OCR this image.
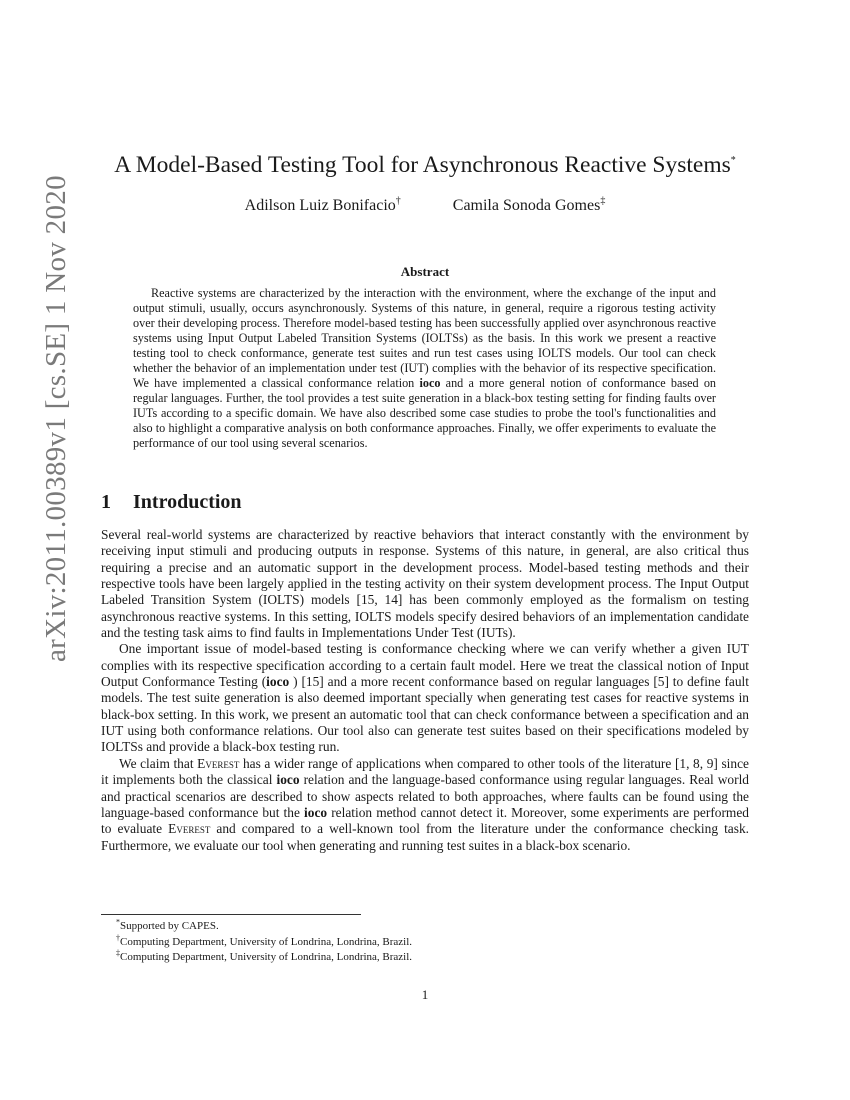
arXiv:2011.00389v1 [cs.SE] 1 Nov 2020
A Model-Based Testing Tool for Asynchronous Reactive Systems*
Adilson Luiz Bonifacio†	Camila Sonoda Gomes‡
Abstract

Reactive systems are characterized by the interaction with the environment, where the exchange of the input and output stimuli, usually, occurs asynchronously. Systems of this nature, in general, require a rigorous testing activity over their developing process. Therefore model-based testing has been successfully applied over asynchronous reactive systems using Input Output Labeled Transition Systems (IOLTSs) as the basis. In this work we present a reactive testing tool to check conformance, generate test suites and run test cases using IOLTS models. Our tool can check whether the behavior of an implementation under test (IUT) complies with the behavior of its respective specification. We have implemented a classical conformance relation ioco and a more general notion of conformance based on regular languages. Further, the tool provides a test suite generation in a black-box testing setting for finding faults over IUTs according to a specific domain. We have also described some case studies to probe the tool's functionalities and also to highlight a comparative analysis on both conformance approaches. Finally, we offer experiments to evaluate the performance of our tool using several scenarios.

1 Introduction

Several real-world systems are characterized by reactive behaviors that interact constantly with the environment by receiving input stimuli and producing outputs in response. Systems of this nature, in general, are also critical thus requiring a precise and an automatic support in the development process. Model-based testing methods and their respective tools have been largely applied in the testing activity on their system development process. The Input Output Labeled Transition System (IOLTS) models [15, 14] has been commonly employed as the formalism on testing asynchronous reactive systems. In this setting, IOLTS models specify desired behaviors of an implementation candidate and the testing task aims to find faults in Implementations Under Test (IUTs).

One important issue of model-based testing is conformance checking where we can verify whether a given IUT complies with its respective specification according to a certain fault model. Here we treat the classical notion of Input Output Conformance Testing (ioco ) [15] and a more recent conformance based on regular languages [5] to define fault models. The test suite generation is also deemed important specially when generating test cases for reactive systems in black-box setting. In this work, we present an automatic tool that can check conformance between a specification and an IUT using both conformance relations. Our tool also can generate test suites based on their specifications modeled by IOLTSs and provide a black-box testing run.

We claim that Everest has a wider range of applications when compared to other tools of the literature [1, 8, 9] since it implements both the classical ioco relation and the language-based conformance using regular languages. Real world and practical scenarios are described to show aspects related to both approaches, where faults can be found using the language-based conformance but the ioco relation method cannot detect it. Moreover, some experiments are performed to evaluate Everest and compared to a well-known tool from the literature under the conformance checking task. Furthermore, we evaluate our tool when generating and running test suites in a black-box scenario.

*Supported by CAPES.

†Computing Department, University of Londrina, Londrina, Brazil.

‡Computing Department, University of Londrina, Londrina, Brazil.

1
